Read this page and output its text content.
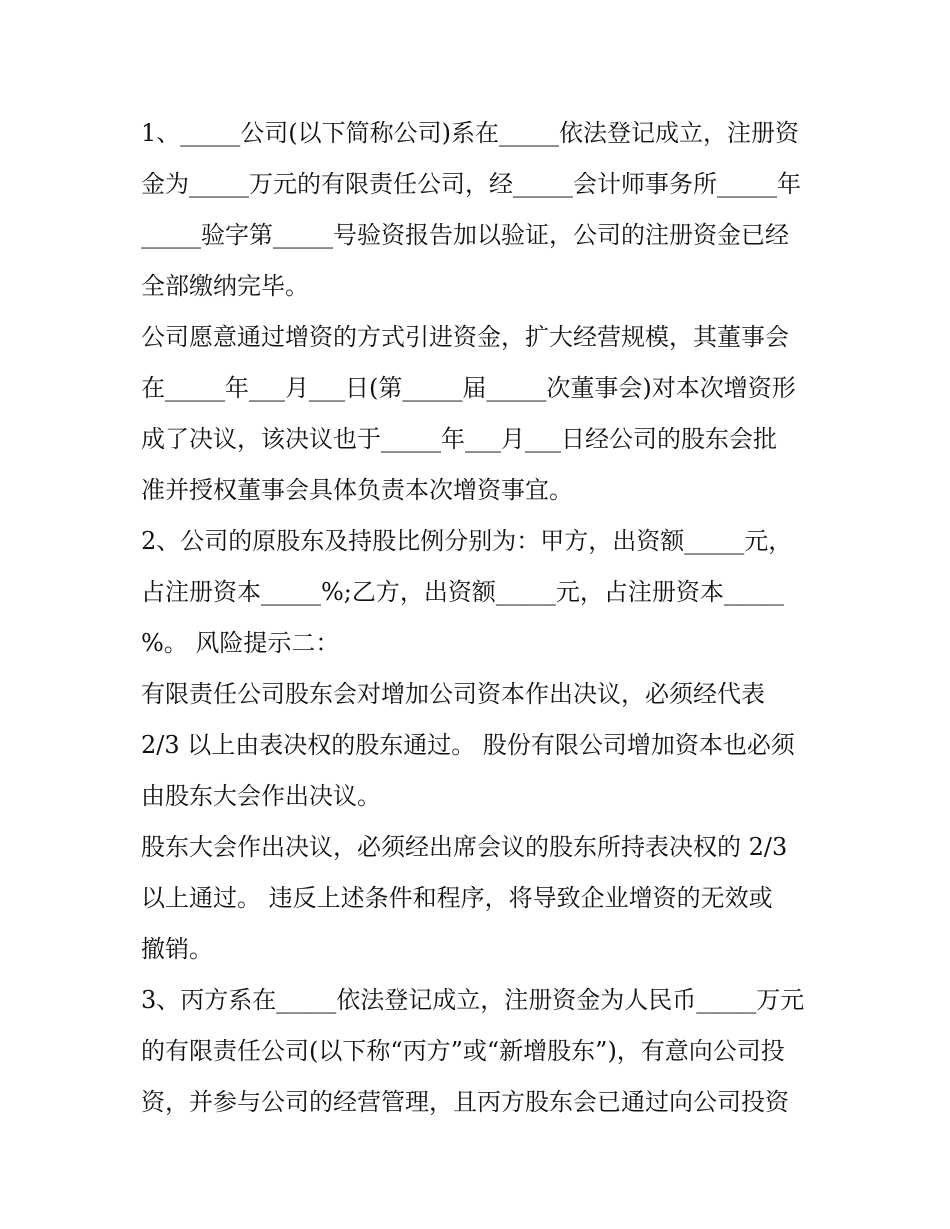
1、_____公司(以下简称公司)系在_____依法登记成立，注册资
金为_____万元的有限责任公司，经_____会计师事务所_____年
_____验字第_____号验资报告加以验证，公司的注册资金已经
全部缴纳完毕。
公司愿意通过增资的方式引进资金，扩大经营规模，其董事会
在_____年___月___日(第_____届_____次董事会)对本次增资形
成了决议，该决议也于_____年___月___日经公司的股东会批
准并授权董事会具体负责本次增资事宜。
2、公司的原股东及持股比例分别为：甲方，出资额_____元，
占注册资本_____%;乙方，出资额_____元，占注册资本_____
%。 风险提示二：
有限责任公司股东会对增加公司资本作出决议，必须经代表
2/3 以上由表决权的股东通过。 股份有限公司增加资本也必须
由股东大会作出决议。
股东大会作出决议，必须经出席会议的股东所持表决权的 2/3
以上通过。 违反上述条件和程序，将导致企业增资的无效或
撤销。
3、丙方系在_____依法登记成立，注册资金为人民币_____万元
的有限责任公司(以下称“丙方”或“新增股东”)，有意向公司投
资，并参与公司的经营管理，且丙方股东会已通过向公司投资
